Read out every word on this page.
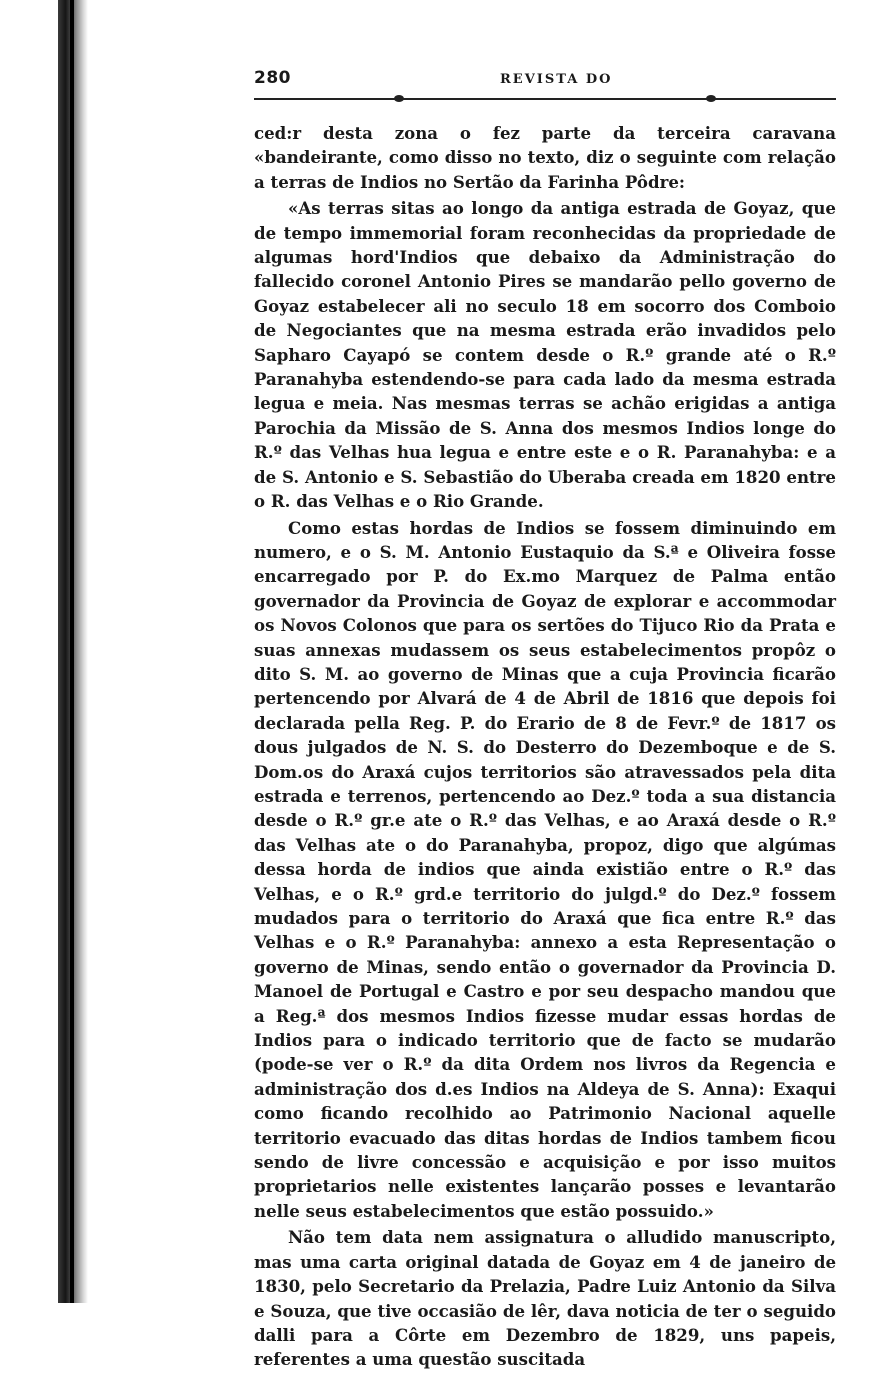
280	REVISTA DO

ced:r desta zona o fez parte da terceira caravana «bandeirante, como disso no texto, diz o seguinte com relação a terras de Indios no Sertão da Farinha Pôdre:

«As terras sitas ao longo da antiga estrada de Goyaz, que de tempo immemorial foram reconhecidas da propriedade de algumas hord'Indios que debaixo da Administração do fallecido coronel Antonio Pires se mandarão pello governo de Goyaz estabelecer ali no seculo 18 em socorro dos Comboio de Negociantes que na mesma estrada erão invadidos pelo Sapharo Cayapó se contem desde o R.º grande até o R.º Paranahyba estendendo-se para cada lado da mesma estrada legua e meia. Nas mesmas terras se achão erigidas a antiga Parochia da Missão de S. Anna dos mesmos Indios longe do R.º das Velhas hua legua e entre este e o R. Paranahyba: e a de S. Antonio e S. Sebastião do Uberaba creada em 1820 entre o R. das Velhas e o Rio Grande.

Como estas hordas de Indios se fossem diminuindo em numero, e o S. M. Antonio Eustaquio da S.ª e Oliveira fosse encarregado por P. do Ex.mo Marquez de Palma então governador da Provincia de Goyaz de explorar e accommodar os Novos Colonos que para os sertões do Tijuco Rio da Prata e suas annexas mudassem os seus estabelecimentos propôz o dito S. M. ao governo de Minas que a cuja Provincia ficarão pertencendo por Alvará de 4 de Abril de 1816 que depois foi declarada pella Reg. P. do Erario de 8 de Fevr.º de 1817 os dous julgados de N. S. do Desterro do Dezemboque e de S. Dom.os do Araxá cujos territorios são atravessados pela dita estrada e terrenos, pertencendo ao Dez.º toda a sua distancia desde o R.º gr.e ate o R.º das Velhas, e ao Araxá desde o R.º das Velhas ate o do Paranahyba, propoz, digo que algúmas dessa horda de indios que ainda existião entre o R.º das Velhas, e o R.º grd.e territorio do julgd.º do Dez.º fossem mudados para o territorio do Araxá que fica entre R.º das Velhas e o R.º Paranahyba: annexo a esta Representação o governo de Minas, sendo então o governador da Provincia D. Manoel de Portugal e Castro e por seu despacho mandou que a Reg.ª dos mesmos Indios fizesse mudar essas hordas de Indios para o indicado territorio que de facto se mudarão (pode-se ver o R.º da dita Ordem nos livros da Regencia e administração dos d.es Indios na Aldeya de S. Anna): Exaqui como ficando recolhido ao Patrimonio Nacional aquelle territorio evacuado das ditas hordas de Indios tambem ficou sendo de livre concessão e acquisição e por isso muitos proprietarios nelle existentes lançarão posses e levantarão nelle seus estabelecimentos que estão possuido.»

Não tem data nem assignatura o alludido manuscripto, mas uma carta original datada de Goyaz em 4 de janeiro de 1830, pelo Secretario da Prelazia, Padre Luiz Antonio da Silva e Souza, que tive occasião de lêr, dava noticia de ter o seguido dalli para a Côrte em Dezembro de 1829, uns papeis, referentes a uma questão suscitada
